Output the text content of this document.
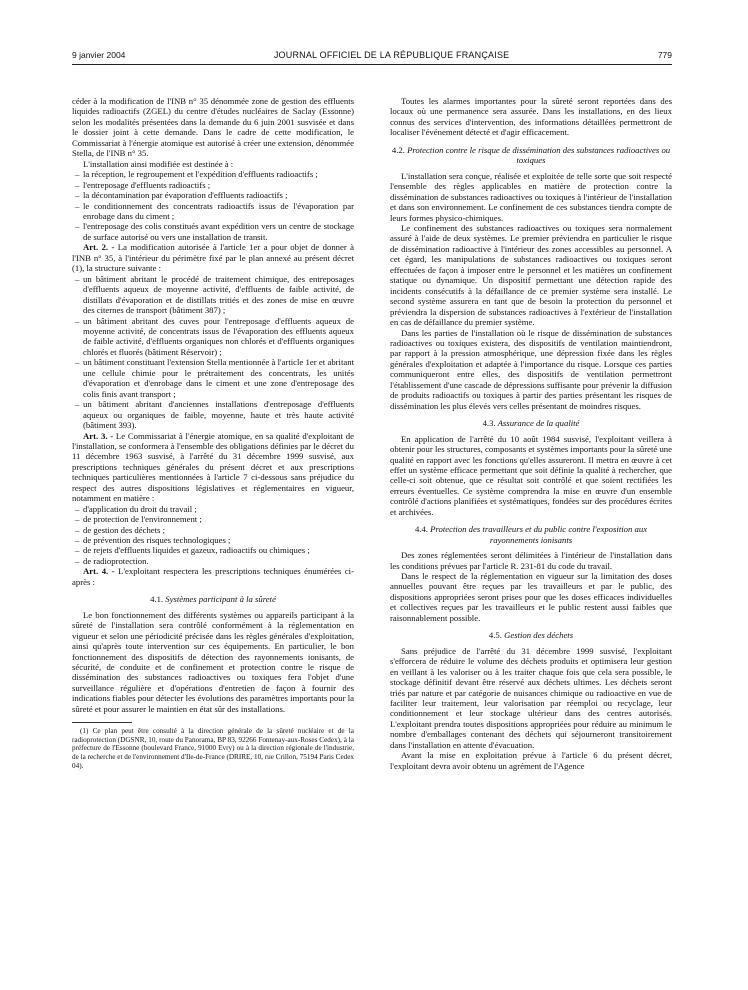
9 janvier 2004	JOURNAL OFFICIEL DE LA RÉPUBLIQUE FRANÇAISE	779

céder à la modification de l'INB n° 35 dénommée zone de gestion des effluents liquides radioactifs (ZGEL) du centre d'études nucléaires de Saclay (Essonne) selon les modalités présentées dans la demande du 6 juin 2001 susvisée et dans le dossier joint à cette demande. Dans le cadre de cette modification, le Commissariat à l'énergie atomique est autorisé à créer une extension, dénommée Stella, de l'INB n° 35.

L'installation ainsi modifiée est destinée à :

– la réception, le regroupement et l'expédition d'effluents radioactifs ;
– l'entreposage d'effluents radioactifs ;
– la décontamination par évaporation d'effluents radioactifs ;
– le conditionnement des concentrats radioactifs issus de l'évaporation par enrobage dans du ciment ;
– l'entreposage des colis constitués avant expédition vers un centre de stockage de surface autorisé ou vers une installation de transit.

Art. 2. - La modification autorisée à l'article 1er a pour objet de donner à l'INB n° 35, à l'intérieur du périmètre fixé par le plan annexé au présent décret (1), la structure suivante :

– un bâtiment abritant le procédé de traitement chimique, des entreposages d'effluents aqueux de moyenne activité, d'effluents de faible activité, de distillats d'évaporation et de distillats tritiés et des zones de mise en œuvre des citernes de transport (bâtiment 387) ;
– un bâtiment abritant des cuves pour l'entreposage d'effluents aqueux de moyenne activité, de concentrats issus de l'évaporation des effluents aqueux de faible activité, d'effluents organiques non chlorés et d'effluents organiques chlorés et fluorés (bâtiment Réservoir) ;
– un bâtiment constituant l'extension Stella mentionnée à l'article 1er et abritant une cellule chimie pour le prétraitement des concentrats, les unités d'évaporation et d'enrobage dans le ciment et une zone d'entreposage des colis finis avant transport ;
– un bâtiment abritant d'anciennes installations d'entreposage d'effluents aqueux ou organiques de faible, moyenne, haute et très haute activité (bâtiment 393).

Art. 3. - Le Commissariat à l'énergie atomique, en sa qualité d'exploitant de l'installation, se conformera à l'ensemble des obligations définies par le décret du 11 décembre 1963 susvisé, à l'arrêté du 31 décembre 1999 susvisé, aux prescriptions techniques générales du présent décret et aux prescriptions techniques particulières mentionnées à l'article 7 ci-dessous sans préjudice du respect des autres dispositions législatives et réglementaires en vigueur, notamment en matière :

– d'application du droit du travail ;
– de protection de l'environnement ;
– de gestion des déchets ;
– de prévention des risques technologiques ;
– de rejets d'effluents liquides et gazeux, radioactifs ou chimiques ;
– de radioprotection.

Art. 4. - L'exploitant respectera les prescriptions techniques énumérées ci-après :

4.1. Systèmes participant à la sûreté

Le bon fonctionnement des différents systèmes ou appareils participant à la sûreté de l'installation sera contrôlé conformément à la réglementation en vigueur et selon une périodicité précisée dans les règles générales d'exploitation, ainsi qu'après toute intervention sur ces équipements. En particulier, le bon fonctionnement des dispositifs de détection des rayonnements ionisants, de sécurité, de conduite et de confinement et protection contre le risque de dissémination des substances radioactives ou toxiques fera l'objet d'une surveillance régulière et d'opérations d'entretien de façon à fournir des indications fiables pour détecter les évolutions des paramètres importants pour la sûreté et pour assurer le maintien en état sûr des installations.

(1) Ce plan peut être consulté à la direction générale de la sûreté nucléaire et de la radioprotection (DGSNR, 10, route du Panorama, BP 83, 92266 Fontenay-aux-Roses Cedex), à la préfecture de l'Essonne (boulevard France, 91000 Evry) ou à la direction régionale de l'industrie, de la recherche et de l'environnement d'Ile-de-France (DRIRE, 10, rue Crillon, 75194 Paris Cedex 04).

Toutes les alarmes importantes pour la sûreté seront reportées dans des locaux où une permanence sera assurée. Dans les installations, en des lieux connus des services d'intervention, des informations détaillées permettront de localiser l'événement détecté et d'agir efficacement.

4.2. Protection contre le risque de dissémination des substances radioactives ou toxiques

L'installation sera conçue, réalisée et exploitée de telle sorte que soit respecté l'ensemble des règles applicables en matière de protection contre la dissémination de substances radioactives ou toxiques à l'intérieur de l'installation et dans son environnement. Le confinement de ces substances tiendra compte de leurs formes physico-chimiques.

Le confinement des substances radioactives ou toxiques sera normalement assuré à l'aide de deux systèmes. Le premier préviendra en particulier le risque de dissémination radioactive à l'intérieur des zones accessibles au personnel. A cet égard, les manipulations de substances radioactives ou toxiques seront effectuées de façon à imposer entre le personnel et les matières un confinement statique ou dynamique. Un dispositif permettant une détection rapide des incidents consécutifs à la défaillance de ce premier système sera installé. Le second système assurera en tant que de besoin la protection du personnel et préviendra la dispersion de substances radioactives à l'extérieur de l'installation en cas de défaillance du premier système.

Dans les parties de l'installation où le risque de dissémination de substances radioactives ou toxiques existera, des dispositifs de ventilation maintiendront, par rapport à la pression atmosphérique, une dépression fixée dans les règles générales d'exploitation et adaptée à l'importance du risque. Lorsque ces parties communiqueront entre elles, des dispositifs de ventilation permettront l'établissement d'une cascade de dépressions suffisante pour prévenir la diffusion de produits radioactifs ou toxiques à partir des parties présentant les risques de dissémination les plus élevés vers celles présentant de moindres risques.

4.3. Assurance de la qualité

En application de l'arrêté du 10 août 1984 susvisé, l'exploitant veillera à obtenir pour les structures, composants et systèmes importants pour la sûreté une qualité en rapport avec les fonctions qu'elles assureront. Il mettra en œuvre à cet effet un système efficace permettant que soit définie la qualité à rechercher, que celle-ci soit obtenue, que ce résultat soit contrôlé et que soient rectifiées les erreurs éventuelles. Ce système comprendra la mise en œuvre d'un ensemble contrôlé d'actions planifiées et systématiques, fondées sur des procédures écrites et archivées.

4.4. Protection des travailleurs et du public contre l'exposition aux rayonnements ionisants

Des zones réglementées seront délimitées à l'intérieur de l'installation dans les conditions prévues par l'article R. 231-81 du code du travail.

Dans le respect de la réglementation en vigueur sur la limitation des doses annuelles pouvant être reçues par les travailleurs et par le public, des dispositions appropriées seront prises pour que les doses efficaces individuelles et collectives reçues par les travailleurs et le public restent aussi faibles que raisonnablement possible.

4.5. Gestion des déchets

Sans préjudice de l'arrêté du 31 décembre 1999 susvisé, l'exploitant s'efforcera de réduire le volume des déchets produits et optimisera leur gestion en veillant à les valoriser ou à les traiter chaque fois que cela sera possible, le stockage définitif devant être réservé aux déchets ultimes. Les déchets seront triés par nature et par catégorie de nuisances chimique ou radioactive en vue de faciliter leur traitement, leur valorisation par réemploi ou recyclage, leur conditionnement et leur stockage ultérieur dans des centres autorisés. L'exploitant prendra toutes dispositions appropriées pour réduire au minimum le nombre d'emballages contenant des déchets qui séjourneront transitoirement dans l'installation en attente d'évacuation.

Avant la mise en exploitation prévue à l'article 6 du présent décret, l'exploitant devra avoir obtenu un agrément de l'Agence
